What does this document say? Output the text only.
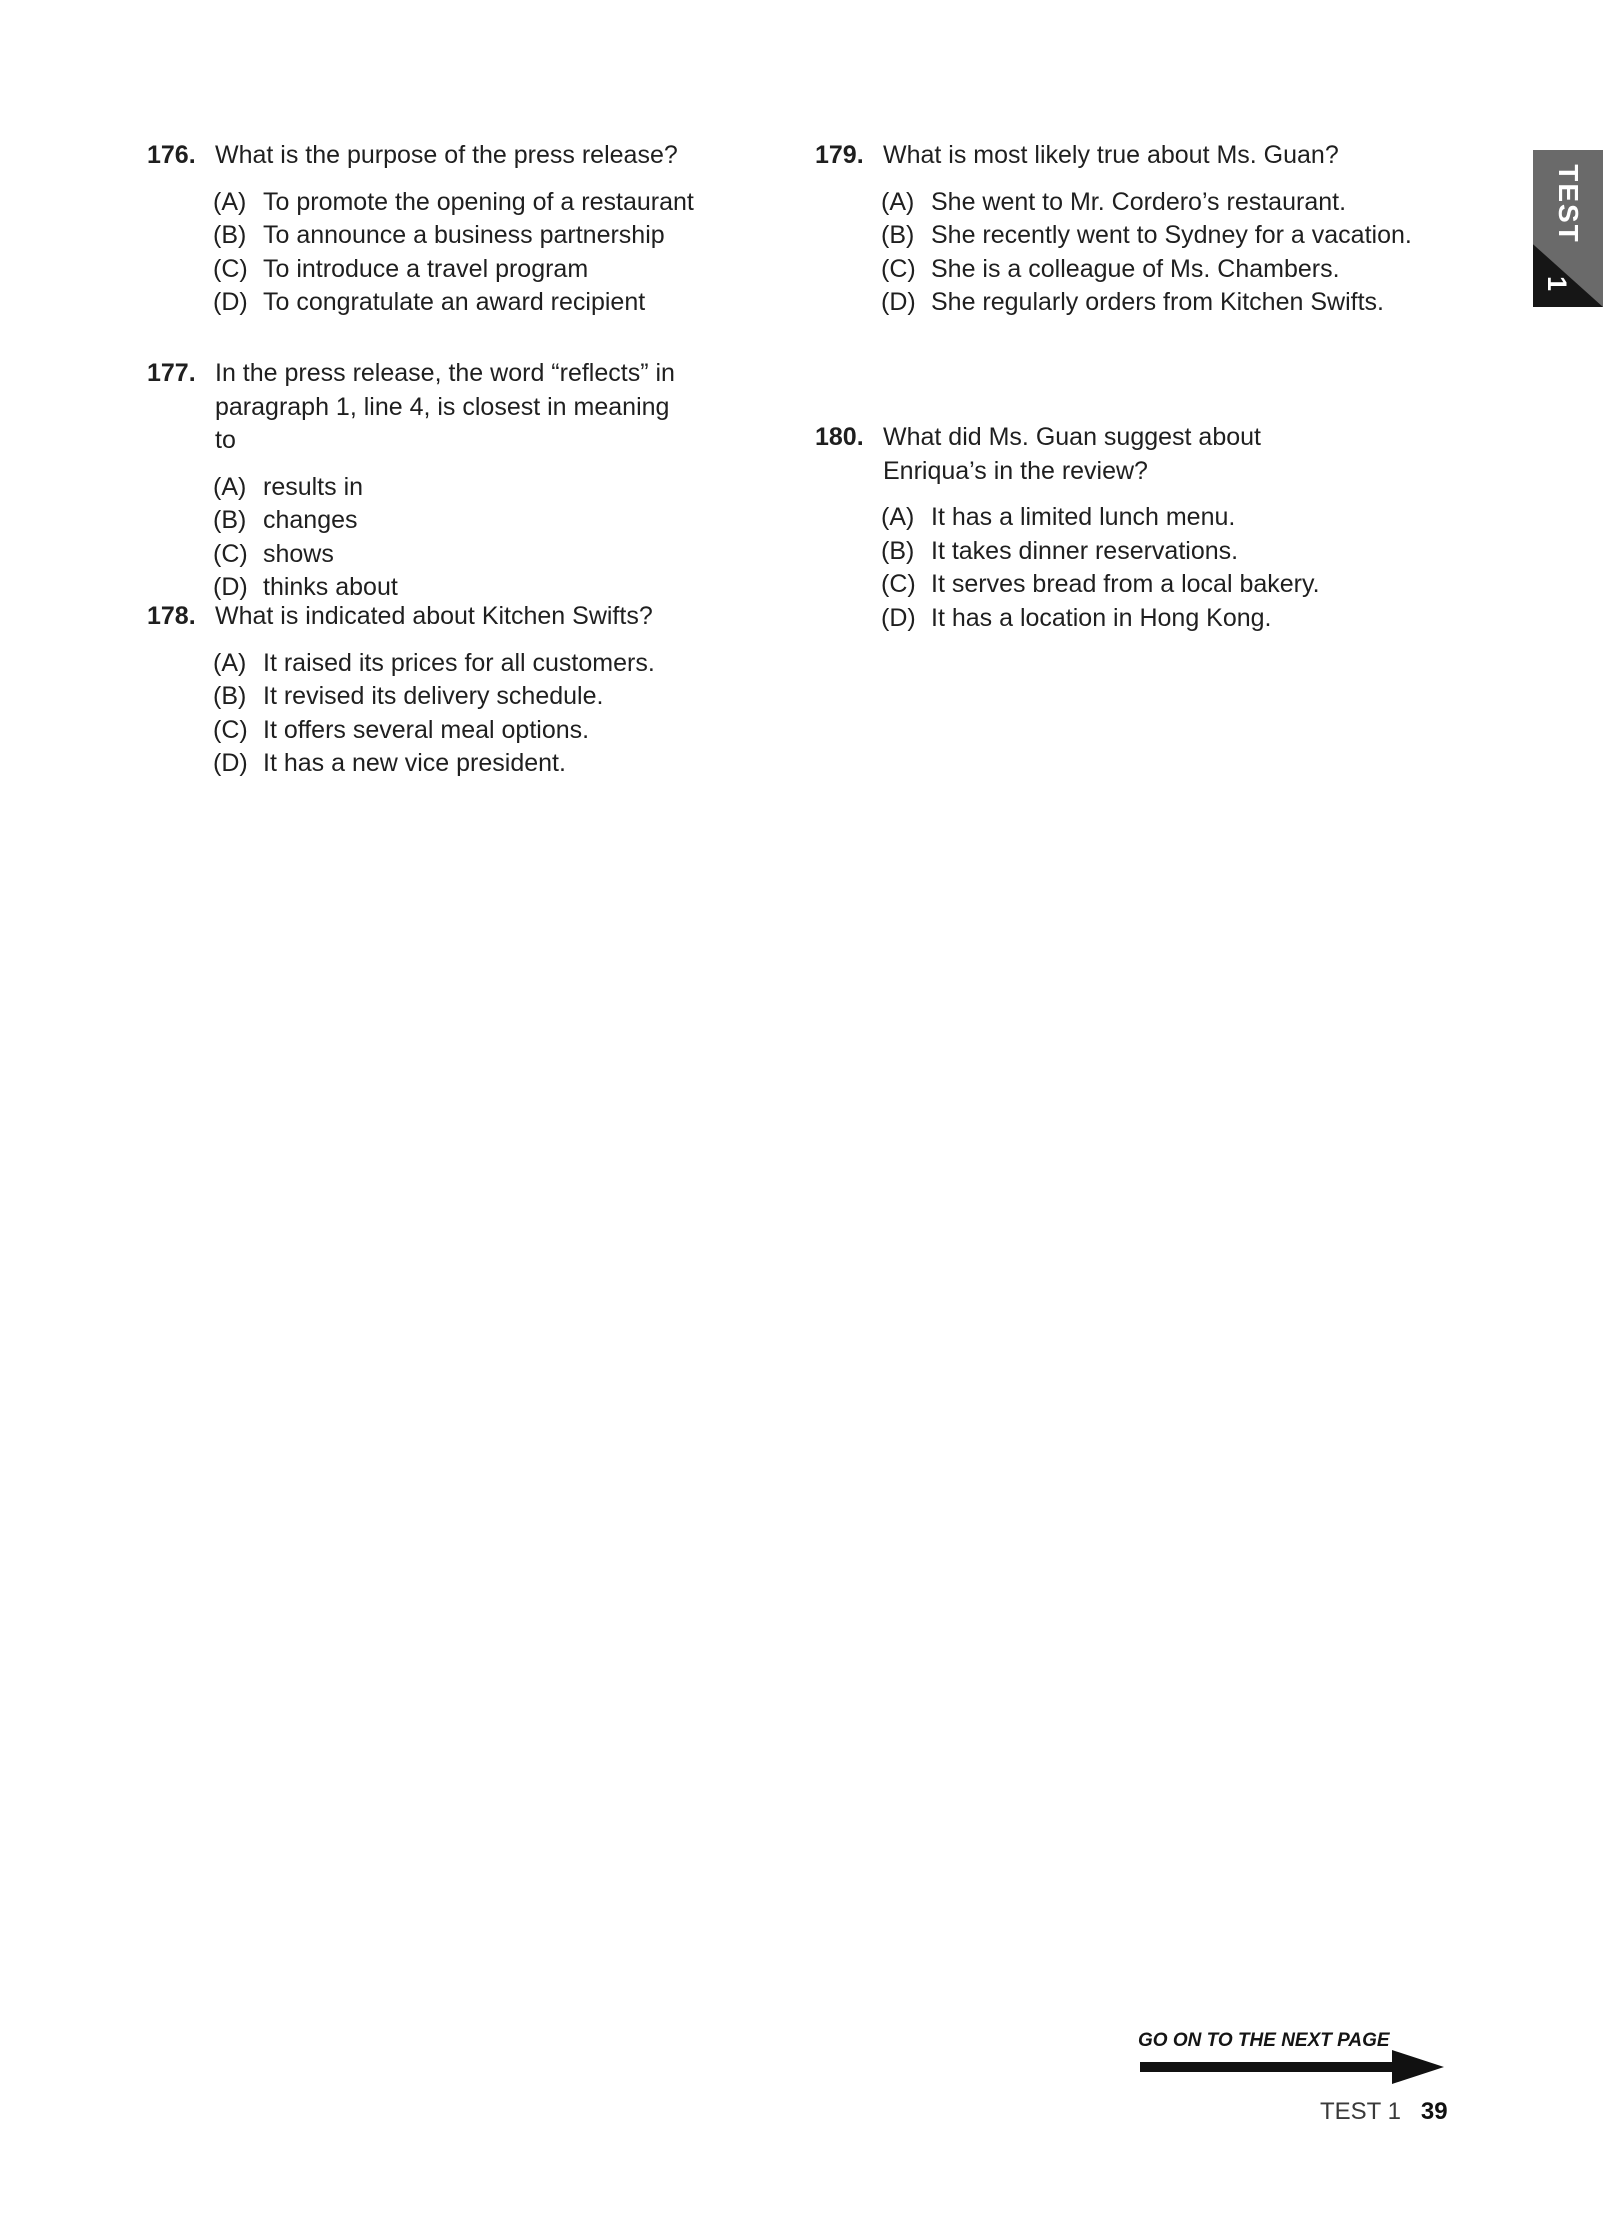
176. What is the purpose of the press release?
(A) To promote the opening of a restaurant
(B) To announce a business partnership
(C) To introduce a travel program
(D) To congratulate an award recipient
177. In the press release, the word “reflects” in paragraph 1, line 4, is closest in meaning to
(A) results in
(B) changes
(C) shows
(D) thinks about
178. What is indicated about Kitchen Swifts?
(A) It raised its prices for all customers.
(B) It revised its delivery schedule.
(C) It offers several meal options.
(D) It has a new vice president.
179. What is most likely true about Ms. Guan?
(A) She went to Mr. Cordero’s restaurant.
(B) She recently went to Sydney for a vacation.
(C) She is a colleague of Ms. Chambers.
(D) She regularly orders from Kitchen Swifts.
180. What did Ms. Guan suggest about Enriqua’s in the review?
(A) It has a limited lunch menu.
(B) It takes dinner reservations.
(C) It serves bread from a local bakery.
(D) It has a location in Hong Kong.
TEST
1
GO ON TO THE NEXT PAGE
TEST 1 39
